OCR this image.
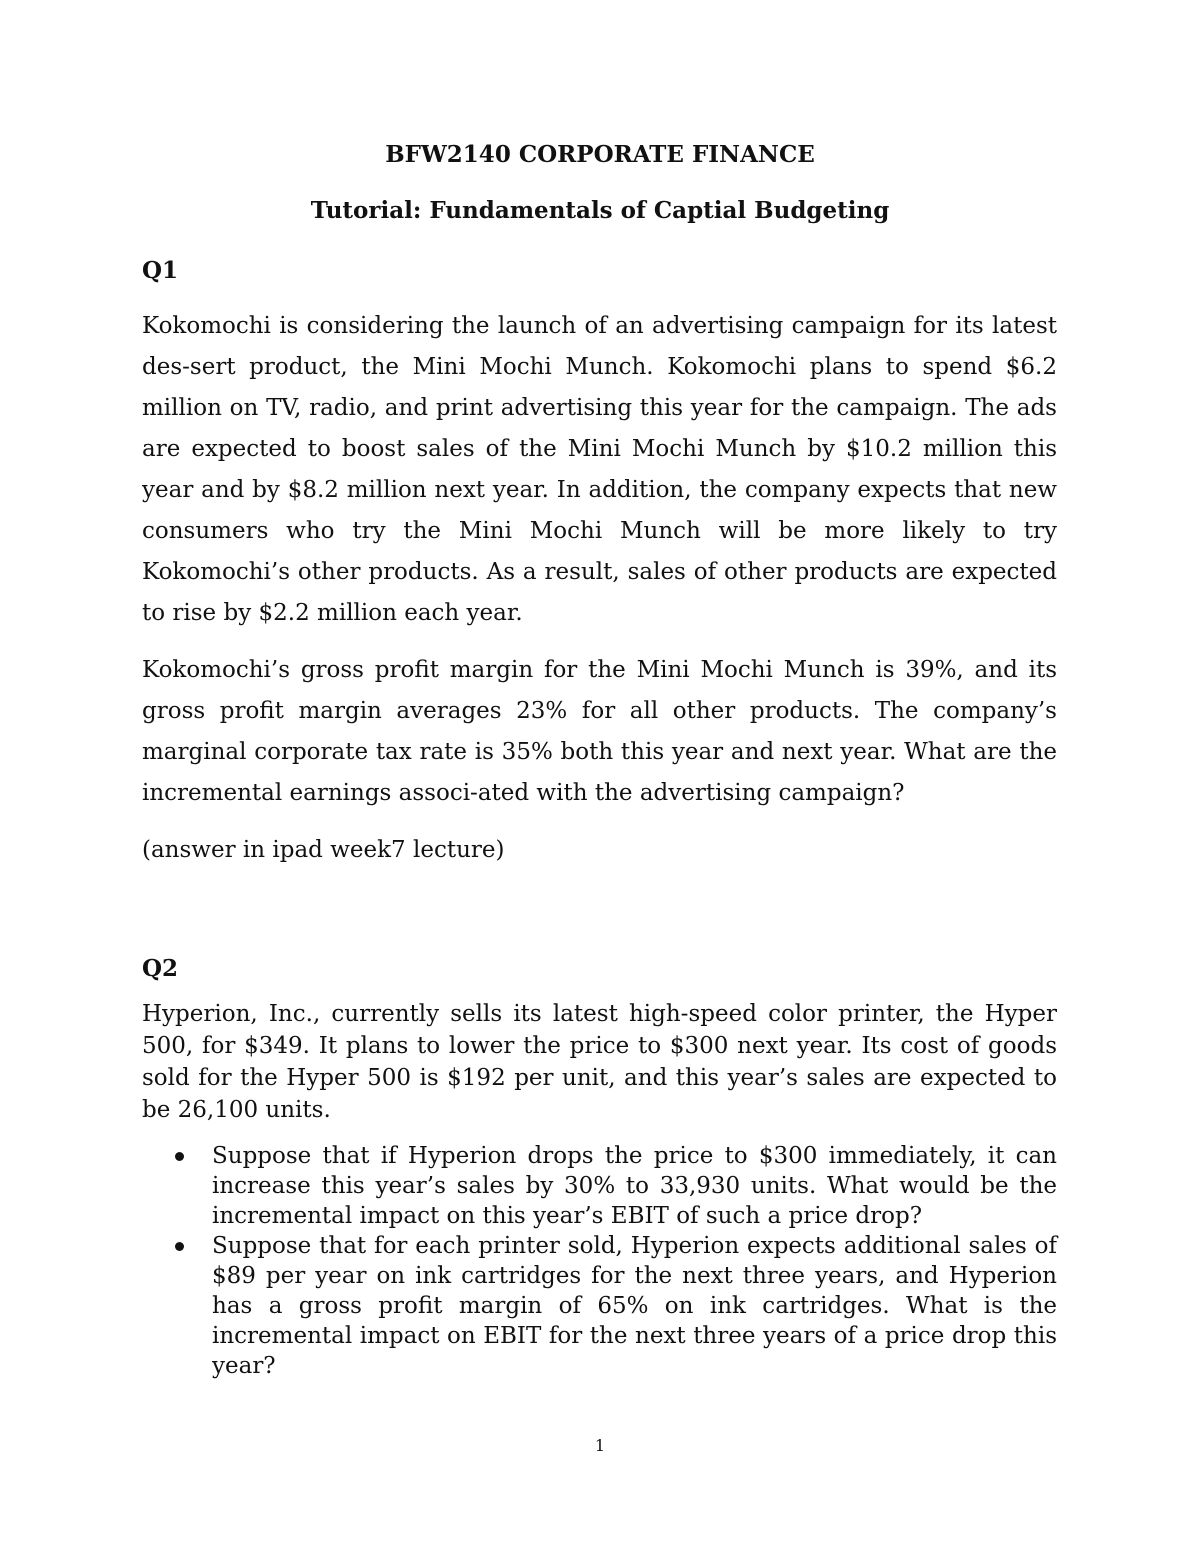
BFW2140 CORPORATE FINANCE
Tutorial: Fundamentals of Captial Budgeting
Q1

Kokomochi is considering the launch of an advertising campaign for its latest des-sert product, the Mini Mochi Munch. Kokomochi plans to spend $6.2 million on TV, radio, and print advertising this year for the campaign. The ads are expected to boost sales of the Mini Mochi Munch by $10.2 million this year and by $8.2 million next year. In addition, the company expects that new consumers who try the Mini Mochi Munch will be more likely to try Kokomochi’s other products. As a result, sales of other products are expected to rise by $2.2 million each year.

Kokomochi’s gross profit margin for the Mini Mochi Munch is 39%, and its gross profit margin averages 23% for all other products. The company’s marginal corporate tax rate is 35% both this year and next year. What are the incremental earnings associ-ated with the advertising campaign?

(answer in ipad week7 lecture)

Q2

Hyperion, Inc., currently sells its latest high-speed color printer, the Hyper 500, for $349. It plans to lower the price to $300 next year. Its cost of goods sold for the Hyper 500 is $192 per unit, and this year’s sales are expected to be 26,100 units.

Suppose that if Hyperion drops the price to $300 immediately, it can increase this year’s sales by 30% to 33,930 units. What would be the incremental impact on this year’s EBIT of such a price drop?
Suppose that for each printer sold, Hyperion expects additional sales of $89 per year on ink cartridges for the next three years, and Hyperion has a gross profit margin of 65% on ink cartridges. What is the incremental impact on EBIT for the next three years of a price drop this year?
1
